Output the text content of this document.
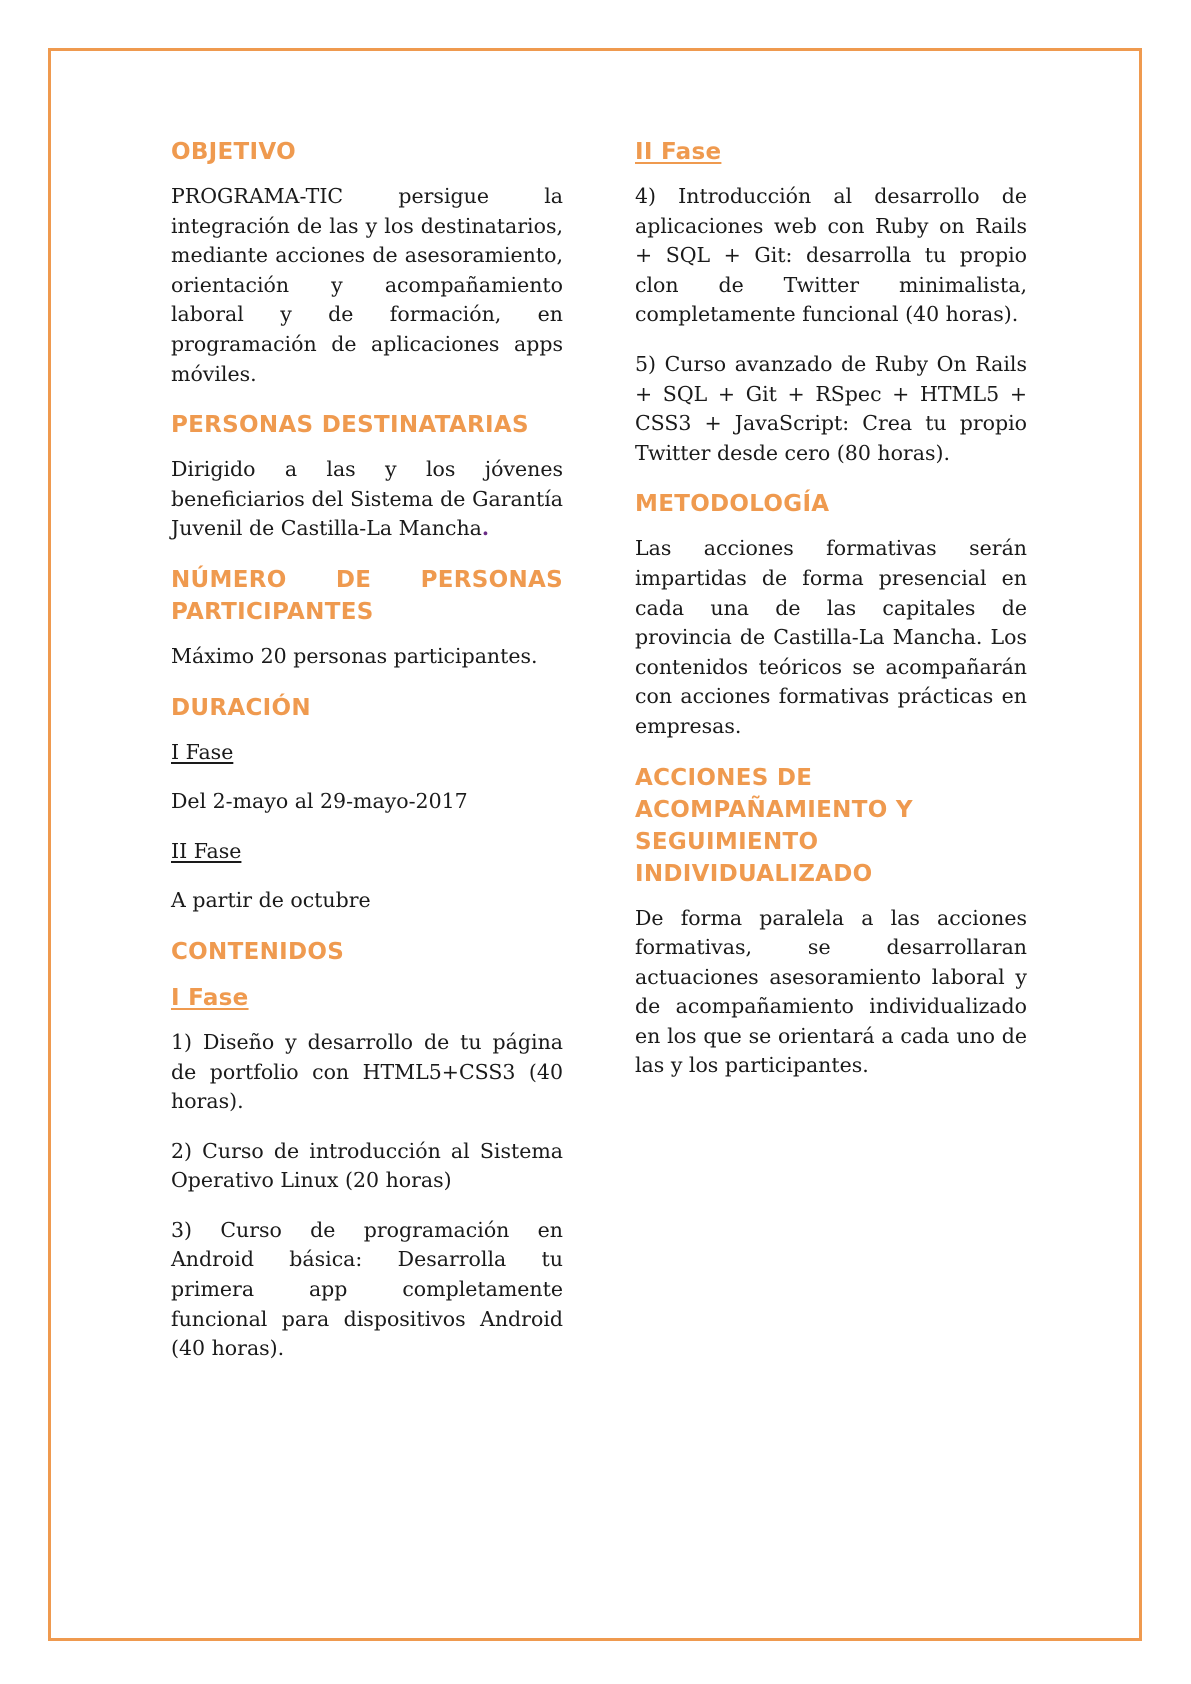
OBJETIVO

PROGRAMA-TIC persigue la integración de las y los destinatarios, mediante acciones de asesoramiento, orientación y acompañamiento laboral y de formación, en programación de aplicaciones apps móviles.

PERSONAS DESTINATARIAS

Dirigido a las y los jóvenes beneficiarios del Sistema de Garantía Juvenil de Castilla-La Mancha.

NÚMERO DE PERSONAS PARTICIPANTES

Máximo 20 personas participantes.

DURACIÓN

I Fase

Del 2-mayo al 29-mayo-2017

II Fase

A partir de octubre

CONTENIDOS
I Fase

1) Diseño y desarrollo de tu página de portfolio con HTML5+CSS3 (40 horas).

2) Curso de introducción al Sistema Operativo Linux (20 horas)

3) Curso de programación en Android básica: Desarrolla tu primera app completamente funcional para dispositivos Android (40 horas).

II Fase

4) Introducción al desarrollo de aplicaciones web con Ruby on Rails + SQL + Git: desarrolla tu propio clon de Twitter minimalista, completamente funcional (40 horas).

5) Curso avanzado de Ruby On Rails + SQL + Git + RSpec + HTML5 + CSS3 + JavaScript: Crea tu propio Twitter desde cero (80 horas).

METODOLOGÍA

Las acciones formativas serán impartidas de forma presencial en cada una de las capitales de provincia de Castilla-La Mancha. Los contenidos teóricos se acompañarán con acciones formativas prácticas en empresas.

ACCIONES DE ACOMPAÑAMIENTO Y SEGUIMIENTO INDIVIDUALIZADO

De forma paralela a las acciones formativas, se desarrollaran actuaciones asesoramiento laboral y de acompañamiento individualizado en los que se orientará a cada uno de las y los participantes.
